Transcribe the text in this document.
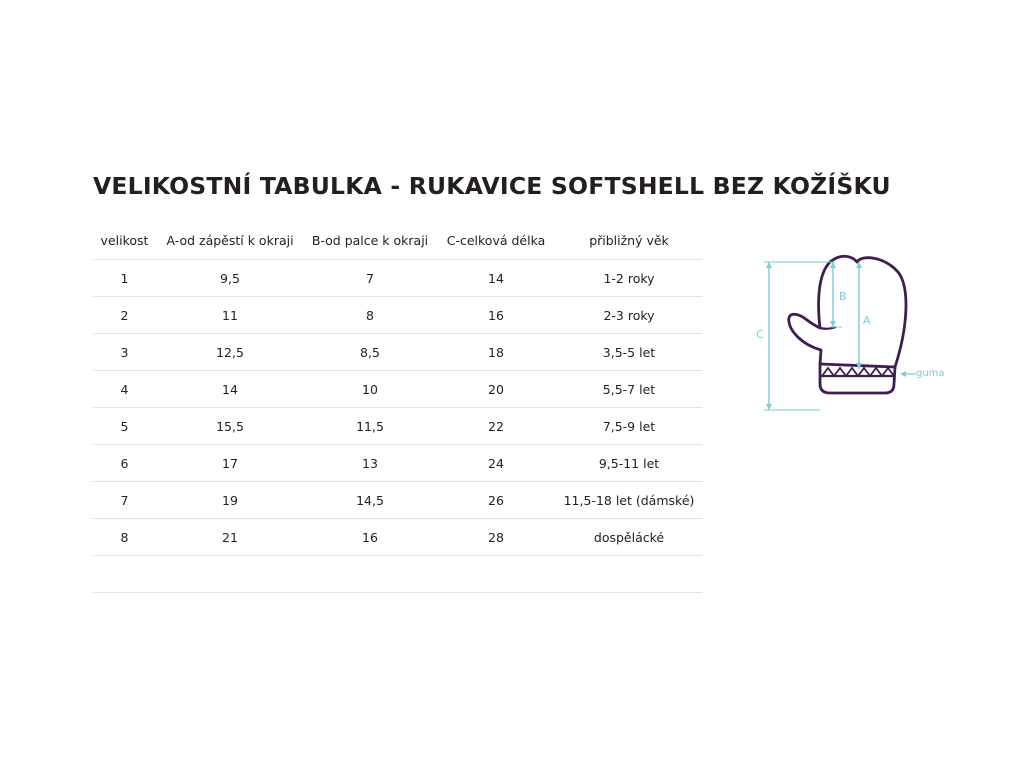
VELIKOSTNÍ TABULKA - RUKAVICE SOFTSHELL BEZ KOŽÍŠKU
velikost	A-od zápěstí k okraji	B-od palce k okraji	C-celková délka	přibližný věk
1	9,5	7	14	1-2 roky
2	11	8	16	2-3 roky
3	12,5	8,5	18	3,5-5 let
4	14	10	20	5,5-7 let
5	15,5	11,5	22	7,5-9 let
6	17	13	24	9,5-11 let
7	19	14,5	26	11,5-18 let (dámské)
8	21	16	28	dospělácké

C
B
A
guma
